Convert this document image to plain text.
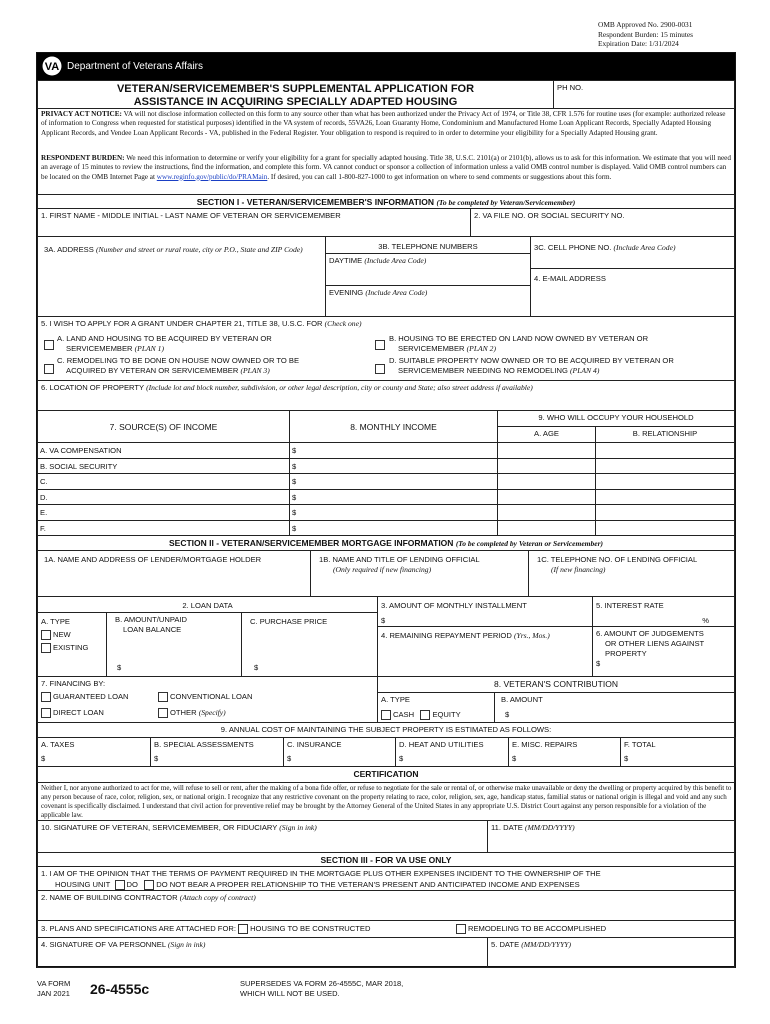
OMB Approved No. 2900-0031
Respondent Burden: 15 minutes
Expiration Date: 1/31/2024
VA Department of Veterans Affairs
VETERAN/SERVICEMEMBER'S SUPPLEMENTAL APPLICATION FOR
ASSISTANCE IN ACQUIRING SPECIALLY ADAPTED HOUSING
PH NO.
PRIVACY ACT NOTICE: VA will not disclose information collected on this form to any source other than what has been authorized under the Privacy Act of 1974, or Title 38, CFR 1.576 for routine uses (for example: authorized release of information to Congress when requested for statistical purposes) identified in the VA system of records, 55VA26, Loan Guaranty Home, Condominium and Manufactured Home Loan Applicant Records, Specially Adapted Housing Applicant Records, and Vendee Loan Applicant Records - VA, published in the Federal Register. Your obligation to respond is required to in order to determine your eligibility for a Specially Adapted Housing grant.
RESPONDENT BURDEN: We need this information to determine or verify your eligibility for a grant for specially adapted housing. Title 38, U.S.C. 2101(a) or 2101(b), allows us to ask for this information. We estimate that you will need an average of 15 minutes to review the instructions, find the information, and complete this form. VA cannot conduct or sponsor a collection of information unless a valid OMB control number is displayed. Valid OMB control numbers can be located on the OMB Internet Page at www.reginfo.gov/public/do/PRAMain. If desired, you can call 1-800-827-1000 to get information on where to send comments or suggestions about this form.
SECTION I - VETERAN/SERVICEMEMBER'S INFORMATION (To be completed by Veteran/Servicemember)
1. FIRST NAME - MIDDLE INITIAL - LAST NAME OF VETERAN OR SERVICEMEMBER	2. VA FILE NO. OR SOCIAL SECURITY NO.
3A. ADDRESS (Number and street or rural route, city or P.O., State and ZIP Code)	3B. TELEPHONE NUMBERS
DAYTIME (Include Area Code)
EVENING (Include Area Code)
3C. CELL PHONE NO. (Include Area Code)
4. E-MAIL ADDRESS
5. I WISH TO APPLY FOR A GRANT UNDER CHAPTER 21, TITLE 38, U.S.C. FOR (Check one)
A. LAND AND HOUSING TO BE ACQUIRED BY VETERAN OR
SERVICEMEMBER (PLAN 1)
B. HOUSING TO BE ERECTED ON LAND NOW OWNED BY VETERAN OR
SERVICEMEMBER (PLAN 2)
C. REMODELING TO BE DONE ON HOUSE NOW OWNED OR TO BE
ACQUIRED BY VETERAN OR SERVICEMEMBER (PLAN 3)
D. SUITABLE PROPERTY NOW OWNED OR TO BE ACQUIRED BY VETERAN OR
SERVICEMEMBER NEEDING NO REMODELING (PLAN 4)
6. LOCATION OF PROPERTY (Include lot and block number, subdivision, or other legal description, city or county and State; also street address if available)
7. SOURCE(S) OF INCOME	8. MONTHLY INCOME
9. WHO WILL OCCUPY YOUR HOUSEHOLD
A. AGE	B. RELATIONSHIP
A. VA COMPENSATION	$
B. SOCIAL SECURITY	$
C.	$
D.	$
E.	$
F.	$
SECTION II - VETERAN/SERVICEMEMBER MORTGAGE INFORMATION (To be completed by Veteran or Servicemember)
1A. NAME AND ADDRESS OF LENDER/MORTGAGE HOLDER	1B. NAME AND TITLE OF LENDING OFFICIAL
(Only required if new financing)
1C. TELEPHONE NO. OF LENDING OFFICIAL
(If new financing)
2. LOAN DATA
A. TYPE
NEW
EXISTING
B. AMOUNT/UNPAID
LOAN BALANCE
$
C. PURCHASE PRICE
$
3. AMOUNT OF MONTHLY INSTALLMENT
$
4. REMAINING REPAYMENT PERIOD (Yrs., Mos.)
5. INTEREST RATE
%
6. AMOUNT OF JUDGEMENTS
OR OTHER LIENS AGAINST
PROPERTY
$
7. FINANCING BY:
GUARANTEED LOAN	CONVENTIONAL LOAN
DIRECT LOAN	OTHER (Specify)
8. VETERAN'S CONTRIBUTION
A. TYPE
CASH EQUITY
B. AMOUNT
$
9. ANNUAL COST OF MAINTAINING THE SUBJECT PROPERTY IS ESTIMATED AS FOLLOWS:
A. TAXES
$
B. SPECIAL ASSESSMENTS
$
C. INSURANCE
$
D. HEAT AND UTILITIES
$
E. MISC. REPAIRS
$
F. TOTAL
$
CERTIFICATION
Neither I, nor anyone authorized to act for me, will refuse to sell or rent, after the making of a bona fide offer, or refuse to negotiate for the sale or rental of, or otherwise make unavailable or deny the dwelling or property acquired by this benefit to any person because of race, color, religion, sex, or national origin. I recognize that any restrictive covenant on the property relating to race, color, religion, sex, age, handicap status, familial status or national origin is illegal and void and any such covenant is specifically disclaimed. I understand that civil action for preventive relief may be brought by the Attorney General of the United States in any appropriate U.S. District Court against any person responsible for a violation of the applicable law.
10. SIGNATURE OF VETERAN, SERVICEMEMBER, OR FIDUCIARY (Sign in ink)	11. DATE (MM/DD/YYYY)
SECTION III - FOR VA USE ONLY
1. I AM OF THE OPINION THAT THE TERMS OF PAYMENT REQUIRED IN THE MORTGAGE PLUS OTHER EXPENSES INCIDENT TO THE OWNERSHIP OF THE
HOUSING UNIT DO DO NOT BEAR A PROPER RELATIONSHIP TO THE VETERAN'S PRESENT AND ANTICIPATED INCOME AND EXPENSES
2. NAME OF BUILDING CONTRACTOR (Attach copy of contract)
3. PLANS AND SPECIFICATIONS ARE ATTACHED FOR: HOUSING TO BE CONSTRUCTED	REMODELING TO BE ACCOMPLISHED
4. SIGNATURE OF VA PERSONNEL (Sign in ink)	5. DATE (MM/DD/YYYY)
VA FORM
JAN 2021 26-4555c	SUPERSEDES VA FORM 26-4555C, MAR 2018,
WHICH WILL NOT BE USED.
